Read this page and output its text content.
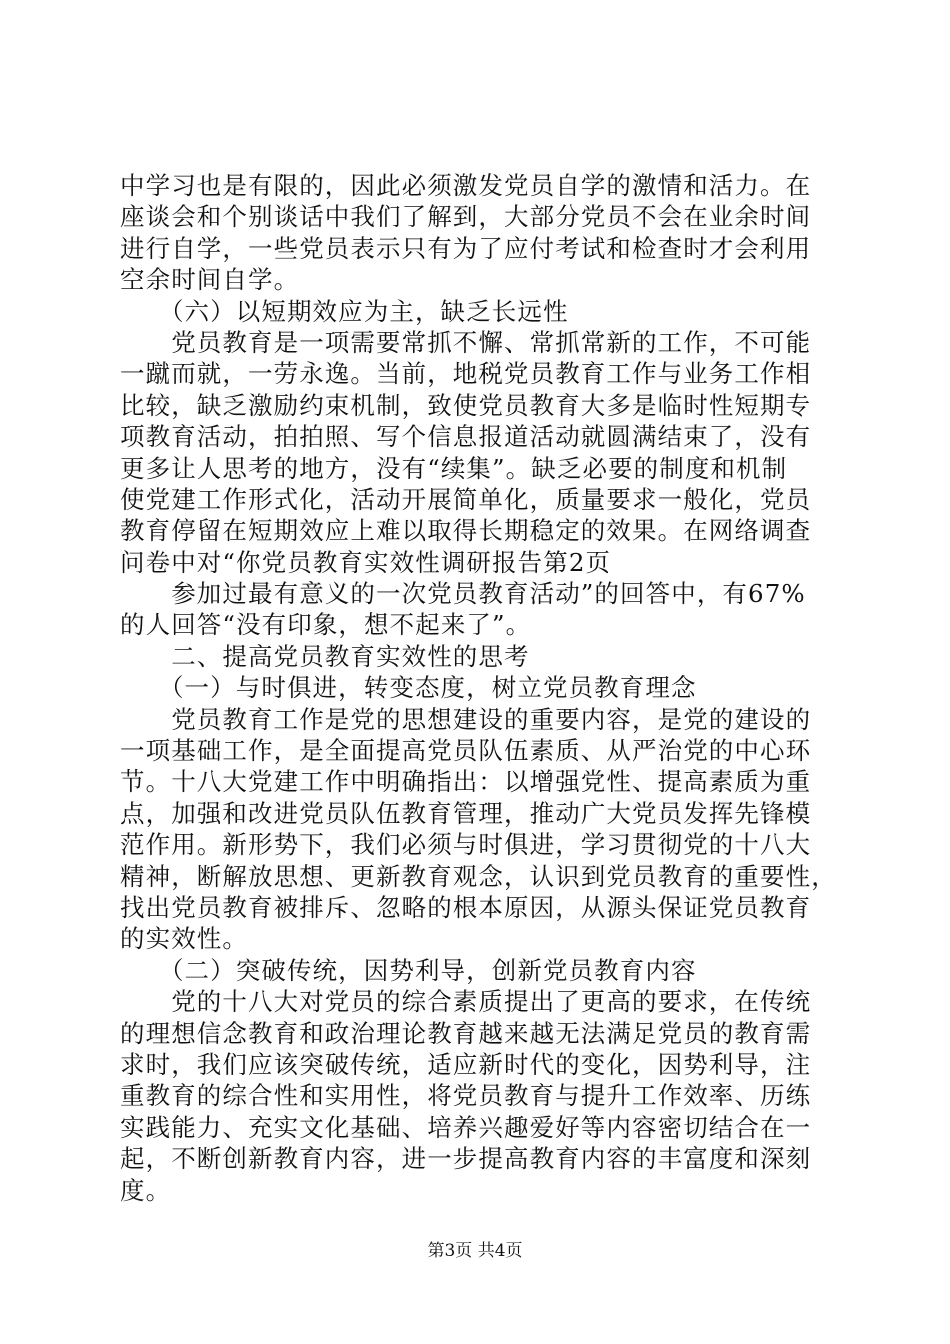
中学习也是有限的，因此必须激发党员自学的激情和活力。在
座谈会和个别谈话中我们了解到，大部分党员不会在业余时间
进行自学，一些党员表示只有为了应付考试和检查时才会利用
空余时间自学。
　　（六）以短期效应为主，缺乏长远性
　　党员教育是一项需要常抓不懈、常抓常新的工作，不可能
一蹴而就，一劳永逸。当前，地税党员教育工作与业务工作相
比较，缺乏激励约束机制，致使党员教育大多是临时性短期专
项教育活动，拍拍照、写个信息报道活动就圆满结束了，没有
更多让人思考的地方，没有“续集”。缺乏必要的制度和机制
使党建工作形式化，活动开展简单化，质量要求一般化，党员
教育停留在短期效应上难以取得长期稳定的效果。在网络调查
问卷中对“你党员教育实效性调研报告第2页
　　参加过最有意义的一次党员教育活动”的回答中，有67%
的人回答“没有印象，想不起来了”。
　　二、提高党员教育实效性的思考
　　（一）与时俱进，转变态度，树立党员教育理念
　　党员教育工作是党的思想建设的重要内容，是党的建设的
一项基础工作，是全面提高党员队伍素质、从严治党的中心环
节。十八大党建工作中明确指出：以增强党性、提高素质为重
点，加强和改进党员队伍教育管理，推动广大党员发挥先锋模
范作用。新形势下，我们必须与时俱进，学习贯彻党的十八大
精神，断解放思想、更新教育观念，认识到党员教育的重要性，
找出党员教育被排斥、忽略的根本原因，从源头保证党员教育
的实效性。
　　（二）突破传统，因势利导，创新党员教育内容
　　党的十八大对党员的综合素质提出了更高的要求，在传统
的理想信念教育和政治理论教育越来越无法满足党员的教育需
求时，我们应该突破传统，适应新时代的变化，因势利导，注
重教育的综合性和实用性，将党员教育与提升工作效率、历练
实践能力、充实文化基础、培养兴趣爱好等内容密切结合在一
起，不断创新教育内容，进一步提高教育内容的丰富度和深刻
度。
第3页 共4页
